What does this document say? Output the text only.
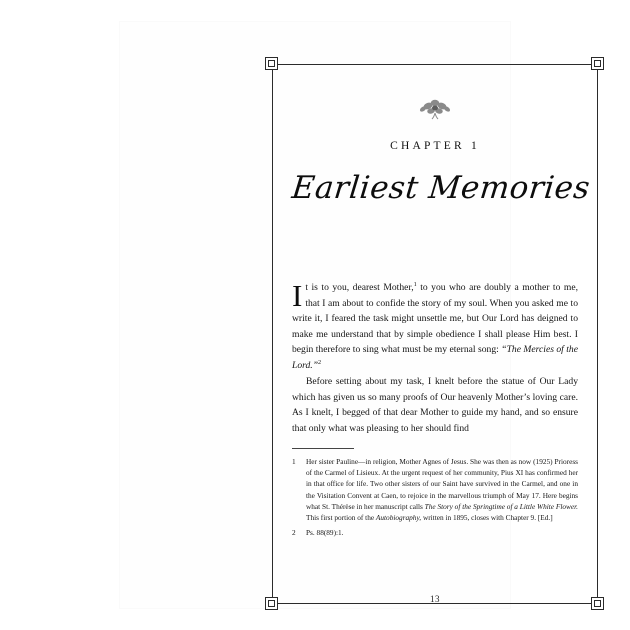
CHAPTER 1
Earliest Memories

It is to you, dearest Mother,$^1$ to you who are doubly a mother to me, that I am about to confide the story of my soul. When you asked me to write it, I feared the task might unsettle me, but Our Lord has deigned to make me understand that by simple obedience I shall please Him best. I begin therefore to sing what must be my eternal song: “The Mercies of the Lord.”$^2$

Before setting about my task, I knelt before the statue of Our Lady which has given us so many proofs of Our heavenly Mother’s loving care. As I knelt, I begged of that dear Mother to guide my hand, and so ensure that only what was pleasing to her should find

1 Her sister Pauline—in religion, Mother Agnes of Jesus. She was then as now (1925) Prioress of the Carmel of Lisieux. At the urgent request of her community, Pius XI has confirmed her in that office for life. Two other sisters of our Saint have survived in the Carmel, and one in the Visitation Convent at Caen, to rejoice in the marvellous triumph of May 17. Here begins what St. Thérèse in her manuscript calls The Story of the Springtime of a Little White Flower. This first portion of the Autobiography, written in 1895, closes with Chapter 9. [Ed.]
2 Ps. 88(89):1.
13
